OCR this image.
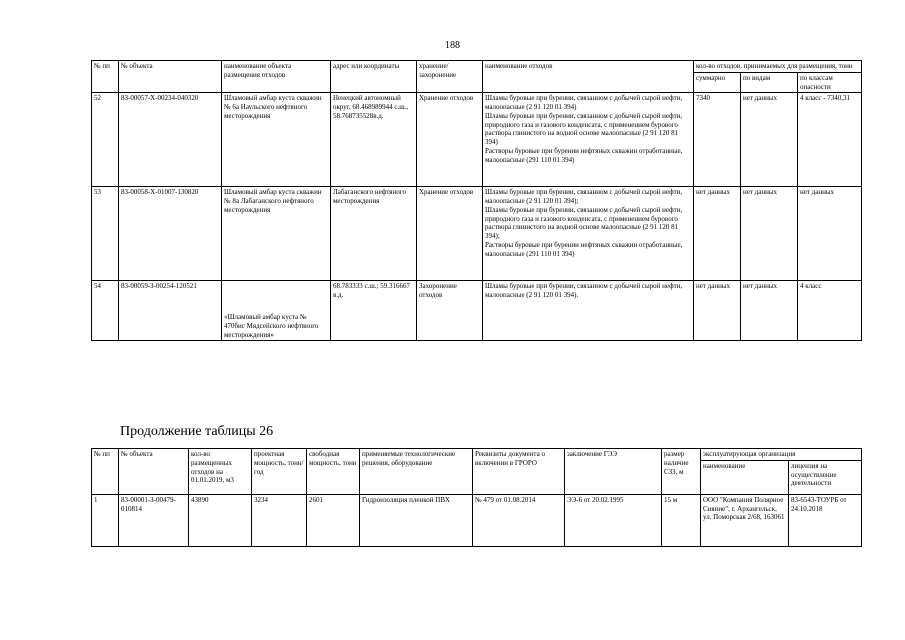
188
№ пп	№ объекта	наименование объекта размещения отходов	адрес или координаты	хранение/захоронение	наименование отходов	кол-во отходов, принимаемых для размещения, тонн		
						суммарно	по видам	по классам опасности
52	83-00057-Х-00234-040320	Шламовый амбар куста скважин № 6а Наульского нефтяного месторождения	Ненецкий автономный округ, 68.468989944 с.ш., 58.768735528в.д.	Хранение отходов	Шламы буровые при бурении, связанном с добычей сырой нефти, малоопасные (2 91 120 01 394)
Шламы буровые при бурении, связанном с добычей сырой нефти, природного газа и газового конденсата, с применением бурового раствора глинистого на водной основе малоопасные (2 91 120 81 394)
Растворы буровые при бурении нефтяных скважин отработанные, малоопасные (291 110 01 394)	7340	нет данных	4 класс - 7340,31
53	83-00058-Х-01007-130820	Шламовый амбар куста скважин № 8а Лабаганского нефтяного месторождения	Лабаганского нефтяного месторождения	Хранение отходов	Шламы буровые при бурении, связанном с добычей сырой нефти, малоопасные (2 91 120 01 394);
Шламы буровые при бурении, связанном с добычей сырой нефти, природного газа и газового конденсата, с применением бурового раствора глинистого на водной основе малоопасные (2 91 120 81 394);
Растворы буровые при бурении нефтяных скважин отработанные, малоопасные (291 110 01 394)	нет данных	нет данных	нет данных
54	83-00059-З-00254-120521	«Шламовый амбар куста № 470бис Мядсейского нефтяного месторождения»	68.783333 с.ш.; 59.316667 в.д.	Захоронение отходов	Шламы буровые при бурении, связанном с добычей сырой нефти, малоопасные (2 91 120 01 394).	нет данных	нет данных	4 класс
Продолжение таблицы 26
№ пп	№ объекта	кол-во размещенных отходов на 01.01.2019, м3	проектная мощность, тонн/год	свободная мощность, тонн	применяемые технологические решения, оборудование	Реквизиты документа о включении в ГРОРО	заключение ГЭЭ	размер наличие СЗЗ, м	эксплуатирующая организация	
									наименование	лицензия на осуществление деятельности
1	83-00001-З-00479-010814	43890	3234	2601	Гидроизоляция пленкой ПВХ	№ 479 от 01.08.2014	ЭЭ-6 от 20.02.1995	15 м	ООО "Компания Полярное Сияние", г. Архангельск, ул. Поморская 2/68, 163061	83-6543-ТОУРБ от 24.10.2018
